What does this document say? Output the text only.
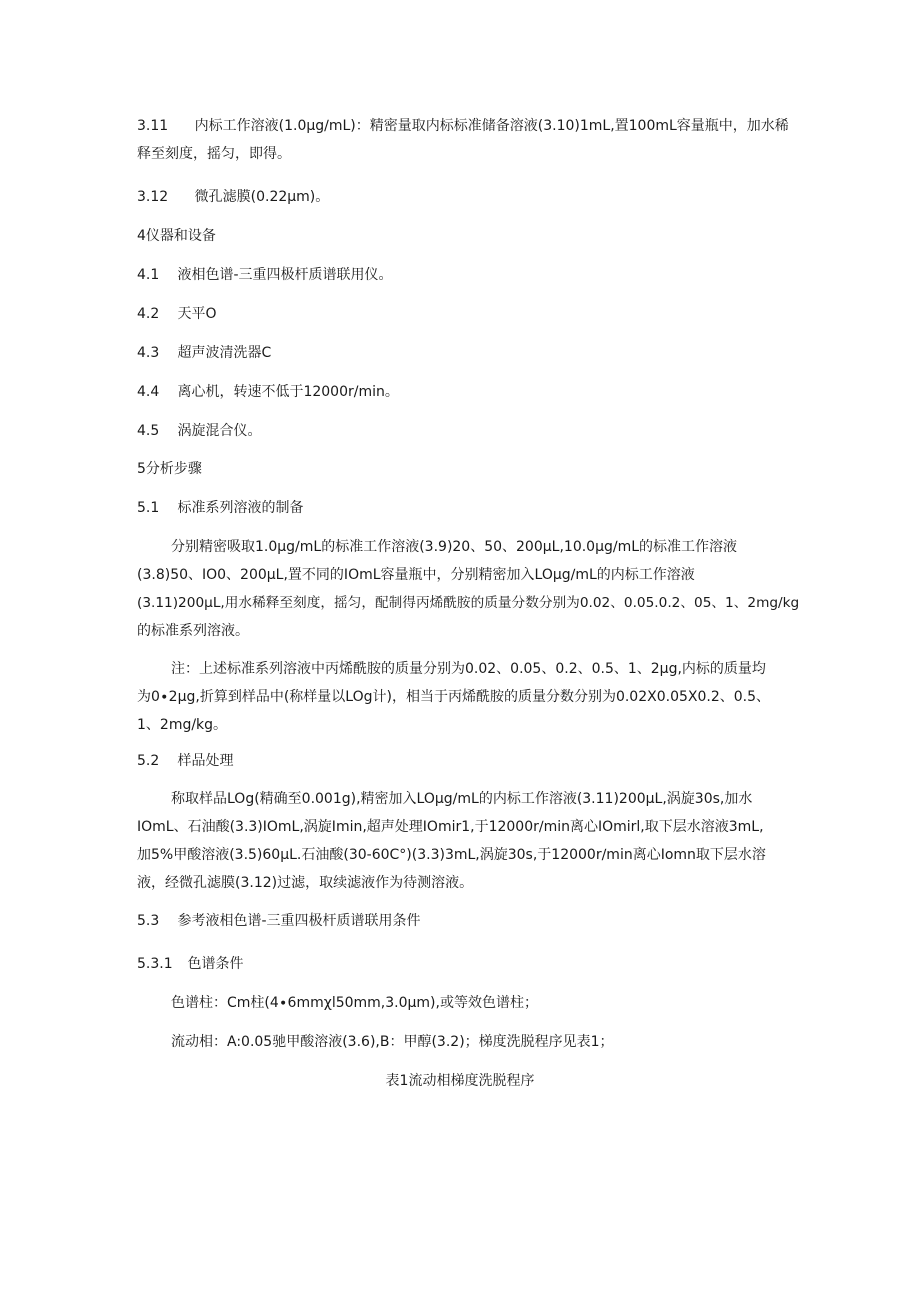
3.11 内标工作溶液(1.0μg∕mL)：精密量取内标标准储备溶液(3.10)1mL,置100mL容量瓶中，加水稀
释至刻度，摇匀，即得。
3.12 微孔滤膜(0.22μm)。
4仪器和设备
4.1 液相色谱-三重四极杆质谱联用仪。
4.2 天平O
4.3 超声波清洗器C
4.4 离心机，转速不低于12000r/min。
4.5 涡旋混合仪。
5分析步骤
5.1 标准系列溶液的制备
分别精密吸取1.0μg∕mL的标准工作溶液(3.9)20、50、200μL,10.0μg∕mL的标准工作溶液
(3.8)50、IO0、200μL,置不同的IOmL容量瓶中，分别精密加入LOμg∕mL的内标工作溶液
(3.11)200μL,用水稀释至刻度，摇匀，配制得丙烯酰胺的质量分数分别为0.02、0.05.0.2、05、1、2mg/kg
的标准系列溶液。
注：上述标准系列溶液中丙烯酰胺的质量分别为0.02、0.05、0.2、0.5、1、2μg,内标的质量均
为0∙2μg,折算到样品中(称样量以LOg计)，相当于丙烯酰胺的质量分数分别为0.02X0.05X0.2、0.5、
1、2mg/kg。
5.2 样品处理
称取样品LOg(精确至0.001g),精密加入LOμg∕mL的内标工作溶液(3.11)200μL,涡旋30s,加水
IOmL、石油酸(3.3)IOmL,涡旋Imin,超声处理IOmir1,于12000r∕min离心IOmirl,取下层水溶液3mL,
加5%甲酸溶液(3.5)60μL.石油酸(30-60C°)(3.3)3mL,涡旋30s,于12000r∕min离心Iomn取下层水溶
液，经微孔滤膜(3.12)过滤，取续滤液作为待测溶液。
5.3 参考液相色谱-三重四极杆质谱联用条件
5.3.1 色谱条件
色谱柱：Cm柱(4∙6mmχl50mm,3.0μm),或等效色谱柱；
流动相：A:0.05驰甲酸溶液(3.6),B：甲醇(3.2)；梯度洗脱程序见表1；
表1流动相梯度洗脱程序
